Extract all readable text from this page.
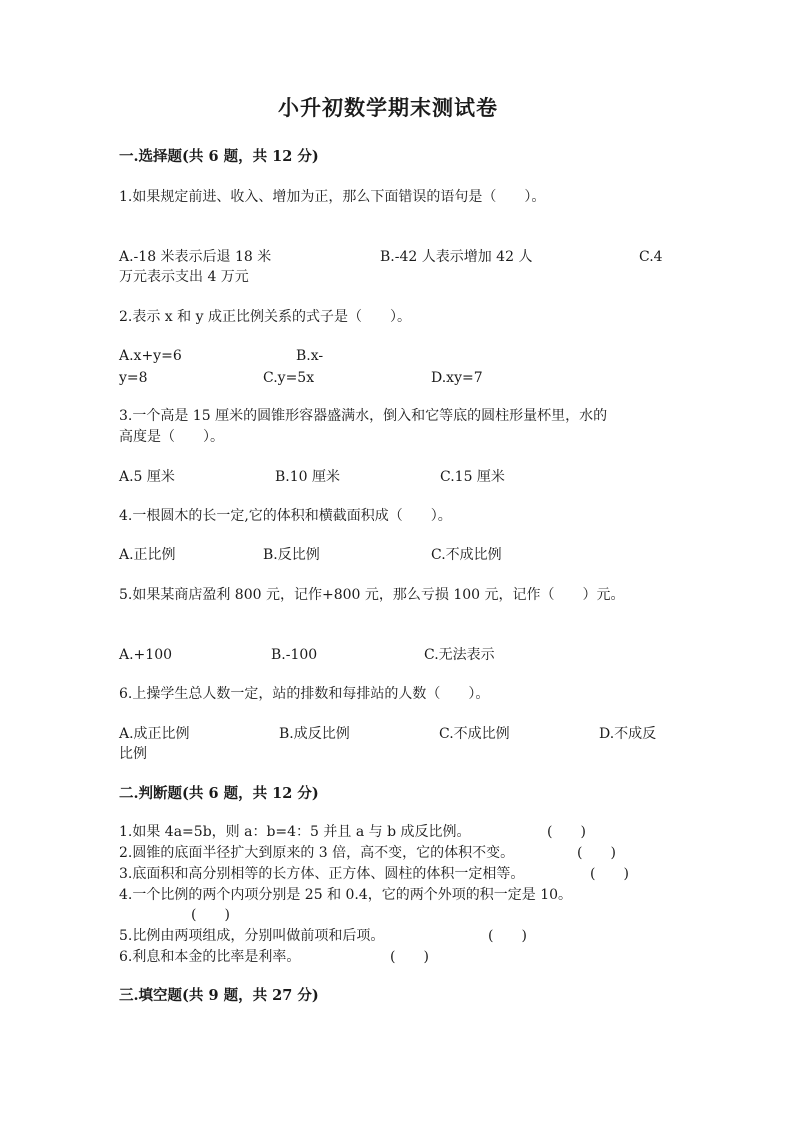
小升初数学期末测试卷
一.选择题(共 6 题，共 12 分)
1.如果规定前进、收入、增加为正，那么下面错误的语句是（　　）。
A.-18 米表示后退 18 米	B.-42 人表示增加 42 人	C.4
万元表示支出 4 万元
2.表示 x 和 y 成正比例关系的式子是（　　）。
A.x+y=6	B.x-
y=8	C.y=5x	D.xy=7
3.一个高是 15 厘米的圆锥形容器盛满水，倒入和它等底的圆柱形量杯里，水的
高度是（　　）。
A.5 厘米	B.10 厘米	C.15 厘米
4.一根圆木的长一定,它的体积和横截面积成（　　）。
A.正比例	B.反比例	C.不成比例
5.如果某商店盈利 800 元，记作+800 元，那么亏损 100 元，记作（　　）元。
A.+100	B.-100	C.无法表示
6.上操学生总人数一定，站的排数和每排站的人数（　　）。
A.成正比例	B.成反比例	C.不成比例	D.不成反
比例
二.判断题(共 6 题，共 12 分)
1.如果 4a=5b，则 a：b=4：5 并且 a 与 b 成反比例。	(　　)
2.圆锥的底面半径扩大到原来的 3 倍，高不变，它的体积不变。	(　　)
3.底面积和高分别相等的长方体、正方体、圆柱的体积一定相等。	(　　)
4.一个比例的两个内项分别是 25 和 0.4，它的两个外项的积一定是 10。
(　　)
5.比例由两项组成，分别叫做前项和后项。	(　　)
6.利息和本金的比率是利率。	(　　)
三.填空题(共 9 题，共 27 分)
